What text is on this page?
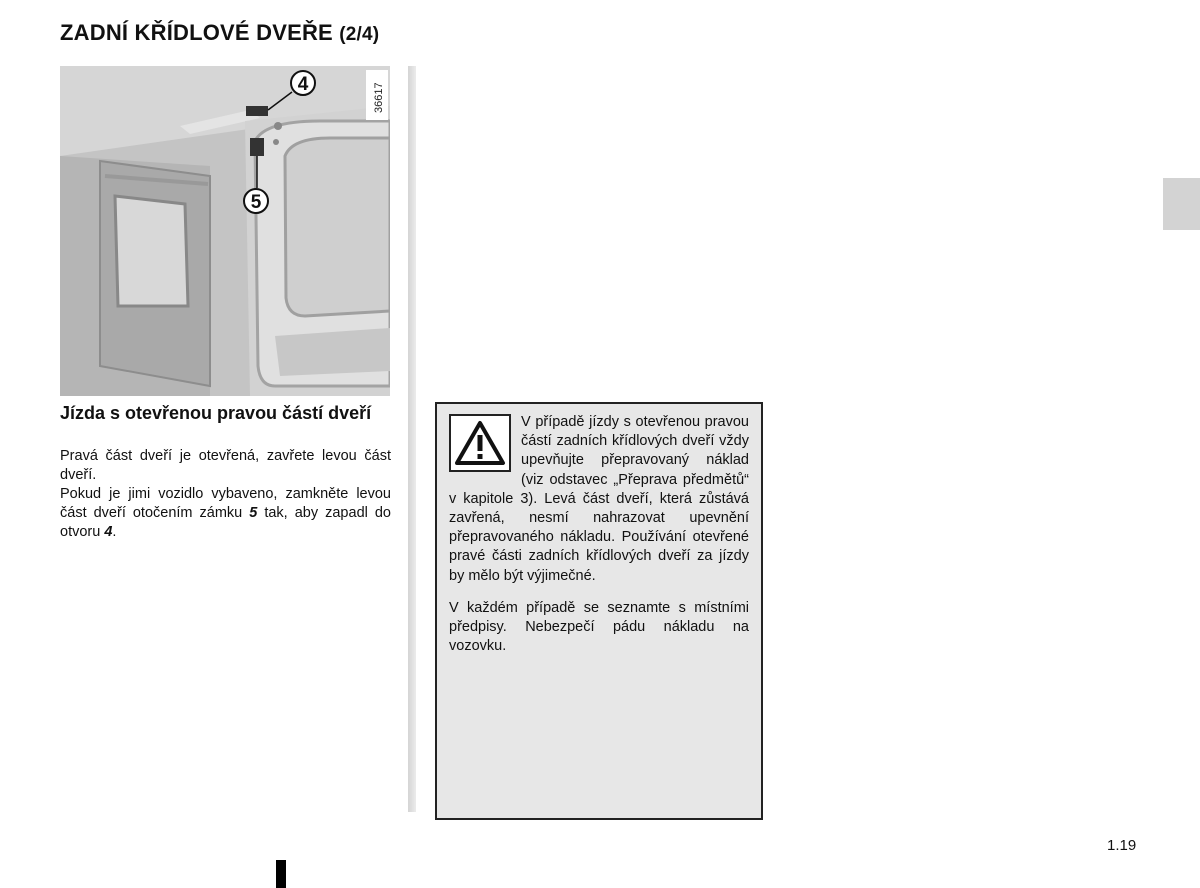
ZADNÍ KŘÍDLOVÉ DVEŘE (2/4)
4
5
36617
Jízda s otevřenou pravou částí dveří

Pravá část dveří je otevřená, zavřete levou část dveří.

Pokud je jimi vozidlo vybaveno, zamkněte levou část dveří otočením zámku 5 tak, aby zapadl do otvoru 4.

V případě jízdy s otevřenou pravou částí zadních křídlových dveří vždy upevňujte přepravovaný náklad (viz odstavec „Přeprava předmětů“ v kapitole 3). Levá část dveří, která zůstává zavřená, nesmí nahrazovat upevnění přepravovaného nákladu. Používání otevřené pravé části zadních křídlových dveří za jízdy by mělo být výjimečné.

V každém případě se seznamte s místními předpisy. Nebezpečí pádu nákladu na vozovku.

1.19
